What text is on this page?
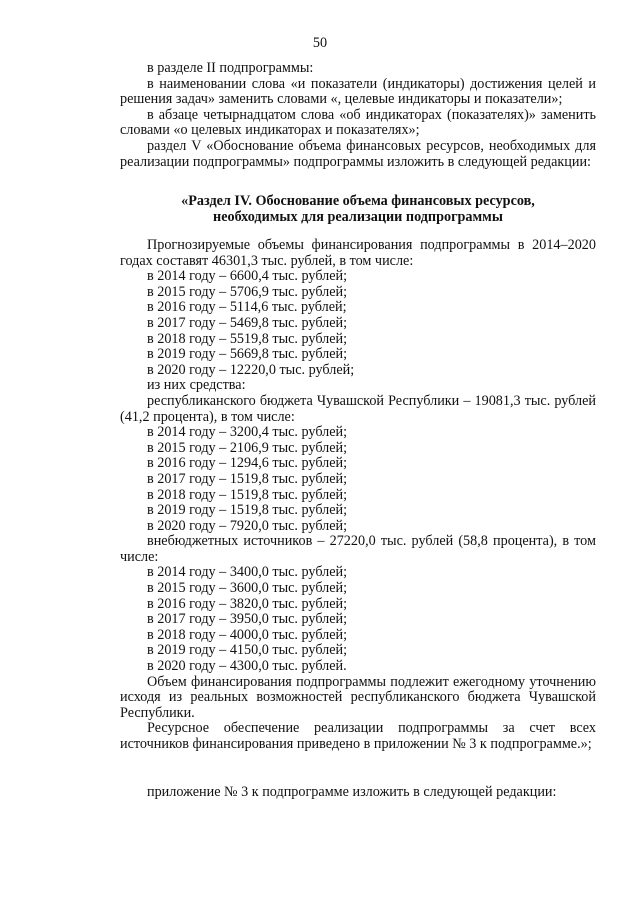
50

в разделе II подпрограммы:

в наименовании слова «и показатели (индикаторы) достижения целей и решения задач» заменить словами «, целевые индикаторы и показатели»;

в абзаце четырнадцатом слова «об индикаторах (показателях)» заменить словами «о целевых индикаторах и показателях»;

раздел V «Обоснование объема финансовых ресурсов, необходимых для реализации подпрограммы» подпрограммы изложить в следующей редакции:

«Раздел IV. Обоснование объема финансовых ресурсов,
необходимых для реализации подпрограммы

Прогнозируемые объемы финансирования подпрограммы в 2014–2020 годах составят 46301,3 тыс. рублей, в том числе:

в 2014 году – 6600,4 тыс. рублей;

в 2015 году – 5706,9 тыс. рублей;

в 2016 году – 5114,6 тыс. рублей;

в 2017 году – 5469,8 тыс. рублей;

в 2018 году – 5519,8 тыс. рублей;

в 2019 году – 5669,8 тыс. рублей;

в 2020 году – 12220,0 тыс. рублей;

из них средства:

республиканского бюджета Чувашской Республики – 19081,3 тыс. рублей (41,2 процента), в том числе:

в 2014 году – 3200,4 тыс. рублей;

в 2015 году – 2106,9 тыс. рублей;

в 2016 году – 1294,6 тыс. рублей;

в 2017 году – 1519,8 тыс. рублей;

в 2018 году – 1519,8 тыс. рублей;

в 2019 году – 1519,8 тыс. рублей;

в 2020 году – 7920,0 тыс. рублей;

внебюджетных источников – 27220,0 тыс. рублей (58,8 процента), в том числе:

в 2014 году – 3400,0 тыс. рублей;

в 2015 году – 3600,0 тыс. рублей;

в 2016 году – 3820,0 тыс. рублей;

в 2017 году – 3950,0 тыс. рублей;

в 2018 году – 4000,0 тыс. рублей;

в 2019 году – 4150,0 тыс. рублей;

в 2020 году – 4300,0 тыс. рублей.

Объем финансирования подпрограммы подлежит ежегодному уточнению исходя из реальных возможностей республиканского бюджета Чувашской Республики.

Ресурсное обеспечение реализации подпрограммы за счет всех источников финансирования приведено в приложении № 3 к подпрограмме.»;

приложение № 3 к подпрограмме изложить в следующей редакции:
